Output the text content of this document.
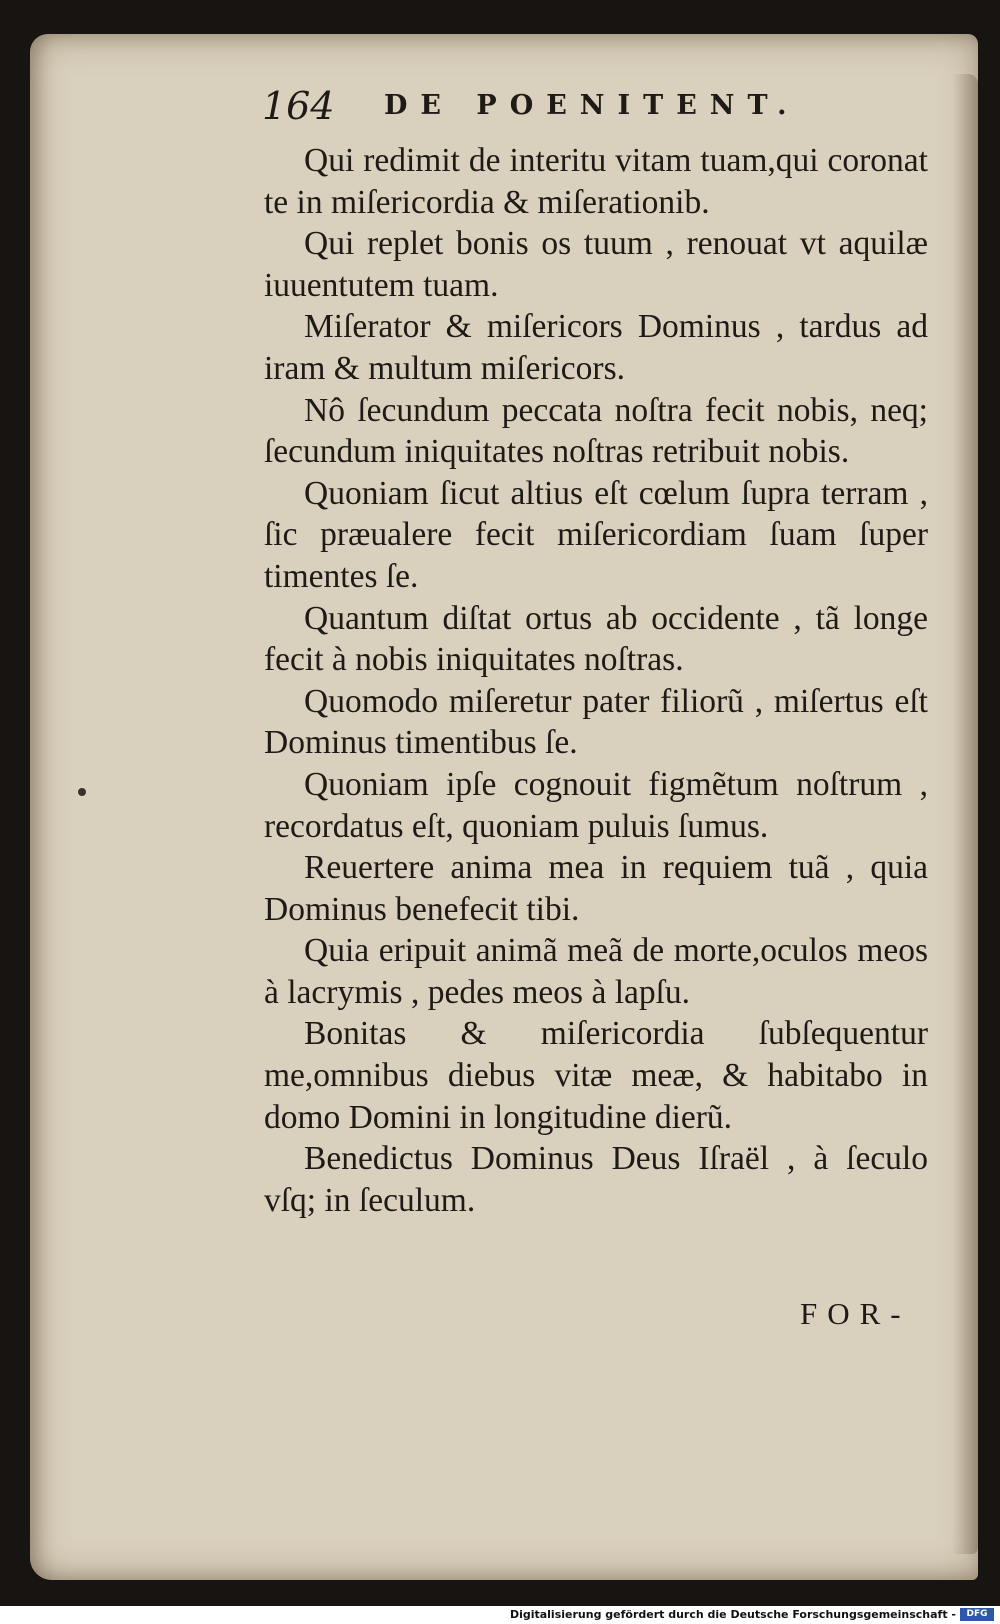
164 DE POENITENT.

Qui redimit de interitu vitam tuam,qui coronat te in miſericordia & miſerationib.

Qui replet bonis os tuum , renouat vt aquilæ iuuentutem tuam.

Miſerator & miſericors Dominus , tardus ad iram & multum miſericors.

Nô ſecundum peccata noſtra fecit nobis, neq; ſecundum iniquitates noſtras retribuit nobis.

Quoniam ſicut altius eſt cœlum ſupra terram , ſic præualere fecit miſericordiam ſuam ſuper timentes ſe.

Quantum diſtat ortus ab occidente , tã longe fecit à nobis iniquitates noſtras.

Quomodo miſeretur pater filiorũ , miſertus eſt Dominus timentibus ſe.

Quoniam ipſe cognouit figmẽtum noſtrum , recordatus eſt, quoniam puluis ſumus.

Reuertere anima mea in requiem tuã , quia Dominus benefecit tibi.

Quia eripuit animã meã de morte,oculos meos à lacrymis , pedes meos à lapſu.

Bonitas & miſericordia ſubſequentur me,omnibus diebus vitæ meæ, & habitabo in domo Domini in longitudine dierũ.

Benedictus Dominus Deus Iſraël , à ſeculo vſq; in ſeculum.

FOR-
Digitalisierung gefördert durch die Deutsche Forschungsgemeinschaft -	DFG
